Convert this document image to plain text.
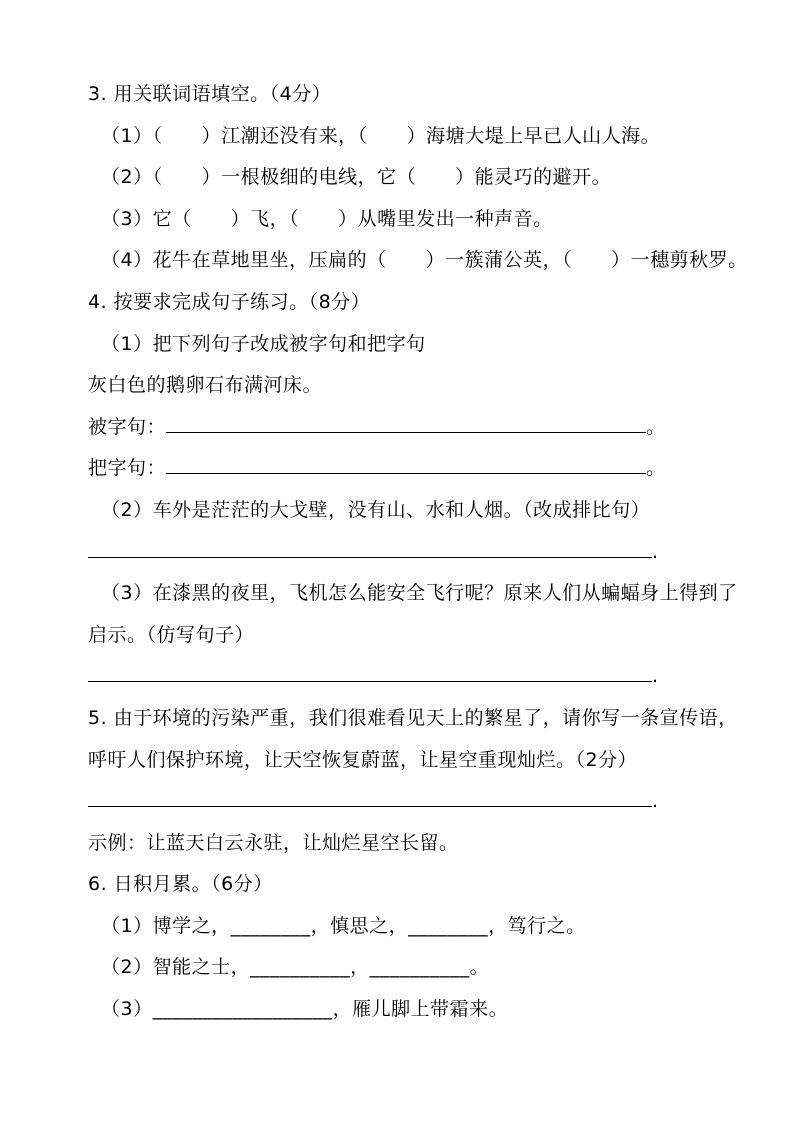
3. 用关联词语填空。（4分）
（1）（　　）江潮还没有来，（　　）海塘大堤上早已人山人海。
（2）（　　）一根极细的电线，它（　　）能灵巧的避开。
（3）它（　　）飞，（　　）从嘴里发出一种声音。
（4）花牛在草地里坐，压扁的（　　）一簇蒲公英，（　　）一穗剪秋罗。
4. 按要求完成句子练习。（8分）
（1）把下列句子改成被字句和把字句
灰白色的鹅卵石布满河床。
被字句：	。
把字句：	。
（2）车外是茫茫的大戈壁，没有山、水和人烟。（改成排比句）
.
（3）在漆黑的夜里，飞机怎么能安全飞行呢？原来人们从蝙蝠身上得到了
启示。（仿写句子）
.
5. 由于环境的污染严重，我们很难看见天上的繁星了，请你写一条宣传语，
呼吁人们保护环境，让天空恢复蔚蓝，让星空重现灿烂。（2分）
.
示例：让蓝天白云永驻，让灿烂星空长留。
6. 日积月累。（6分）
（1）博学之，________，慎思之，________，笃行之。
（2）智能之士，__________，__________。
（3）__________________，雁儿脚上带霜来。
